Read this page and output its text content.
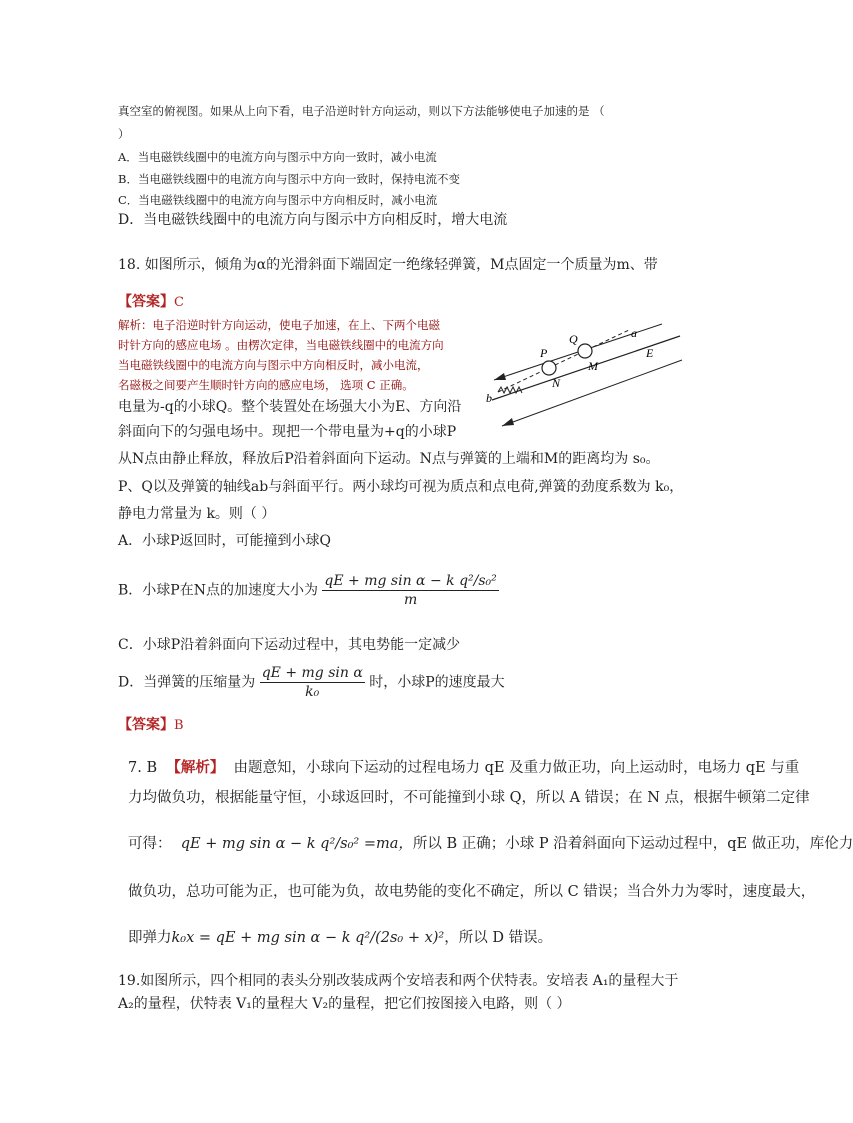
真空室的俯视图。如果从上向下看，电子沿逆时针方向运动，则以下方法能够使电子加速的是 （
）
A．当电磁铁线圈中的电流方向与图示中方向一致时，减小电流
B．当电磁铁线圈中的电流方向与图示中方向一致时，保持电流不变
C．当电磁铁线圈中的电流方向与图示中方向相反时，减小电流
D．当电磁铁线圈中的电流方向与图示中方向相反时，增大电流
18. 如图所示，倾角为α的光滑斜面下端固定一绝缘轻弹簧，M点固定一个质量为m、带
【答案】C
解析：电子沿逆时针方向运动，使电子加速，在上、下两个电磁
时针方向的感应电场 。由楞次定律，当电磁铁线圈中的电流方向
当电磁铁线圈中的电流方向与图示中方向相反时，减小电流，
名磁极之间要产生顺时针方向的感应电场， 选项 C 正确。
电量为-q的小球Q。整个装置处在场强大小为E、方向沿
斜面向下的匀强电场中。现把一个带电量为+q的小球P
从N点由静止释放，释放后P沿着斜面向下运动。N点与弹簧的上端和M的距离均为 s₀。
P、Q以及弹簧的轴线ab与斜面平行。两小球均可视为质点和点电荷,弹簧的劲度系数为 k₀，
静电力常量为 k。则（ ）
A．小球P返回时，可能撞到小球Q
B．小球P在N点的加速度大小为 $\frac{\text{qE + mg sin α − k q²/s₀²}}{m}$
C．小球P沿着斜面向下运动过程中，其电势能一定减少
D．当弹簧的压缩量为 $\frac{\text{qE + mg sin α}}{\text{k₀}}$ 时，小球P的速度最大
【答案】B
7. B 【解析】 由题意知，小球向下运动的过程电场力 qE 及重力做正功，向上运动时，电场力 qE 与重
力均做负功，根据能量守恒，小球返回时，不可能撞到小球 Q，所以 A 错误；在 N 点，根据牛顿第二定律
可得： qE + mg sin α − k q²/s₀² =ma，所以 B 正确；小球 P 沿着斜面向下运动过程中，qE 做正功，库伦力
做负功，总功可能为正，也可能为负，故电势能的变化不确定，所以 C 错误；当合外力为零时，速度最大，
即弹力k₀x = qE + mg sin α − k q²/(2s₀ + x)²，所以 D 错误。
19.如图所示，四个相同的表头分别改装成两个安培表和两个伏特表。安培表 A₁的量程大于
A₂的量程，伏特表 V₁的量程大 V₂的量程，把它们按图接入电路，则（ ）
P
Q
M
N
a
b
E
